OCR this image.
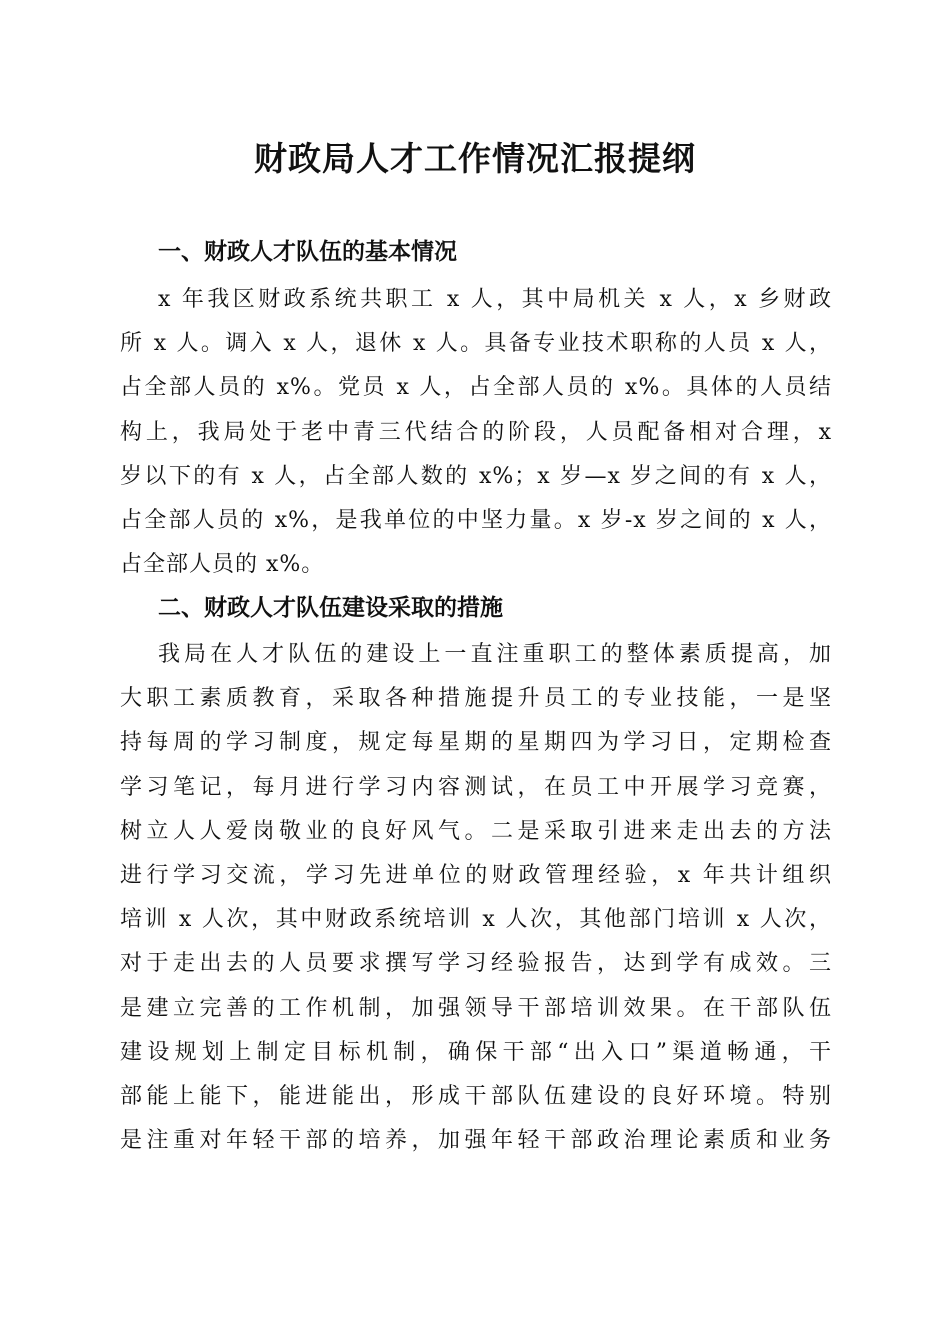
财政局人才工作情况汇报提纲
一、财政人才队伍的基本情况
x 年我区财政系统共职工 x 人，其中局机关 x 人，x 乡财政
所 x 人。调入 x 人，退休 x 人。具备专业技术职称的人员 x 人，
占全部人员的 x%。党员 x 人，占全部人员的 x%。具体的人员结
构上，我局处于老中青三代结合的阶段，人员配备相对合理，x
岁以下的有 x 人，占全部人数的 x%；x 岁—x 岁之间的有 x 人，
占全部人员的 x%，是我单位的中坚力量。x 岁-x 岁之间的 x 人，
占全部人员的 x%。
二、财政人才队伍建设采取的措施
我局在人才队伍的建设上一直注重职工的整体素质提高，加
大职工素质教育，采取各种措施提升员工的专业技能，一是坚
持每周的学习制度，规定每星期的星期四为学习日，定期检查
学习笔记，每月进行学习内容测试，在员工中开展学习竞赛，
树立人人爱岗敬业的良好风气。二是采取引进来走出去的方法
进行学习交流，学习先进单位的财政管理经验，x 年共计组织
培训 x 人次，其中财政系统培训 x 人次，其他部门培训 x 人次，
对于走出去的人员要求撰写学习经验报告，达到学有成效。三
是建立完善的工作机制，加强领导干部培训效果。在干部队伍
建设规划上制定目标机制，确保干部“出入口”渠道畅通，干
部能上能下，能进能出，形成干部队伍建设的良好环境。特别
是注重对年轻干部的培养，加强年轻干部政治理论素质和业务
